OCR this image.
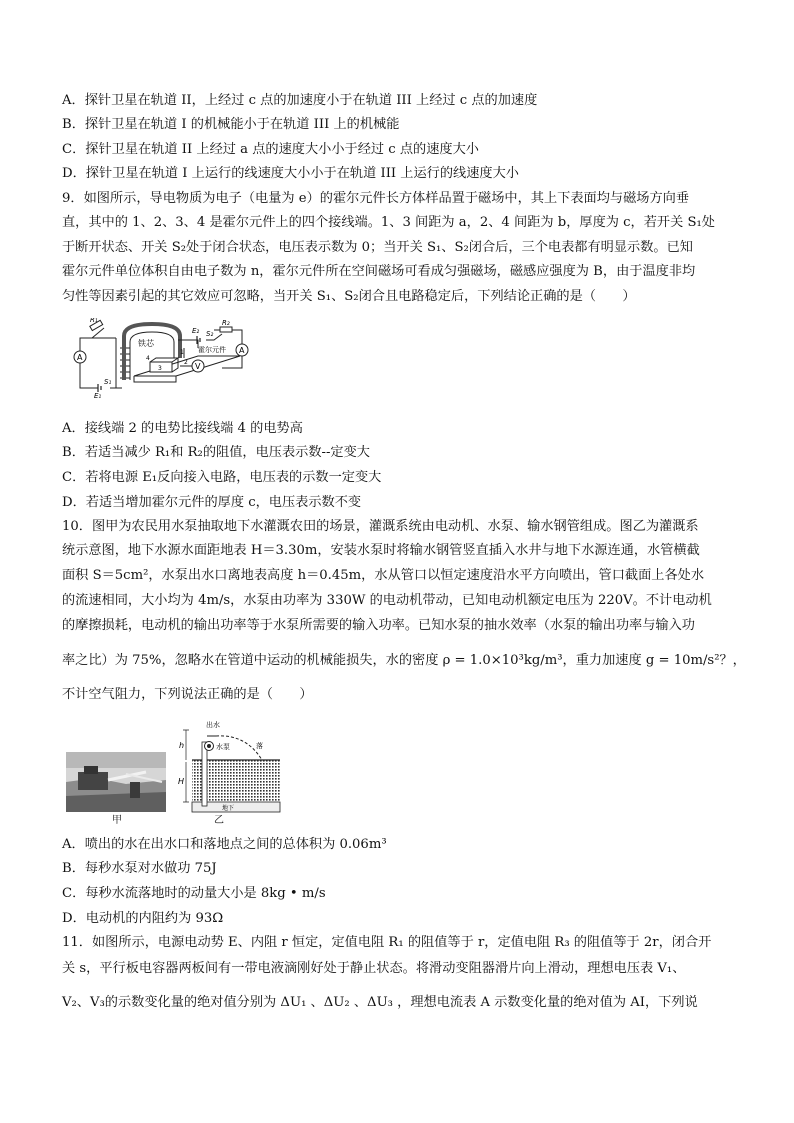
A．探针卫星在轨道 II，上经过 c 点的加速度小于在轨道 III 上经过 c 点的加速度
B．探针卫星在轨道 I 的机械能小于在轨道 III 上的机械能
C．探针卫星在轨道 II 上经过 a 点的速度大小小于经过 c 点的速度大小
D．探针卫星在轨道 I 上运行的线速度大小小于在轨道 III 上运行的线速度大小
9．如图所示，导电物质为电子（电量为 e）的霍尔元件长方体样品置于磁场中，其上下表面均与磁场方向垂
直，其中的 1、2、3、4 是霍尔元件上的四个接线端。1、3 间距为 a，2、4 间距为 b，厚度为 c，若开关 S₁处
于断开状态、开关 S₂处于闭合状态，电压表示数为 0；当开关 S₁、S₂闭合后，三个电表都有明显示数。已知
霍尔元件单位体积自由电子数为 n，霍尔元件所在空间磁场可看成匀强磁场，磁感应强度为 B，由于温度非均
匀性等因素引起的其它效应可忽略，当开关 S₁、S₂闭合且电路稳定后，下列结论正确的是（　　）
A
A
V
铁芯
霍尔元件
R₁	R₂
E₁
E₂
S₁
S₂
1
2
3
4
A．接线端 2 的电势比接线端 4 的电势高
B．若适当减少 R₁和 R₂的阻值，电压表示数--定变大
C．若将电源 E₁反向接入电路，电压表的示数一定变大
D．若适当增加霍尔元件的厚度 c，电压表示数不变
10．图甲为农民用水泵抽取地下水灌溉农田的场景，灌溉系统由电动机、水泵、输水钢管组成。图乙为灌溉系
统示意图，地下水源水面距地表 H＝3.30m，安装水泵时将输水钢管竖直插入水井与地下水源连通，水管横截
面积 S＝5cm²，水泵出水口离地表高度 h＝0.45m，水从管口以恒定速度沿水平方向喷出，管口截面上各处水
的流速相同，大小均为 4m/s，水泵由功率为 330W 的电动机带动，已知电动机额定电压为 220V。不计电动机
的摩擦损耗，电动机的输出功率等于水泵所需要的输入功率。已知水泵的抽水效率（水泵的输出功率与输入功
率之比）为 75%，忽略水在管道中运动的机械能损失，水的密度 ρ = 1.0×10³kg/m³，重力加速度 g = 10m/s²？，
不计空气阻力，下列说法正确的是（　　）
甲
h
H
出水
水泵	落
地下
乙
A．喷出的水在出水口和落地点之间的总体积为 0.06m³
B．每秒水泵对水做功 75J
C．每秒水流落地时的动量大小是 8kg • m/s
D．电动机的内阻约为 93Ω
11．如图所示，电源电动势 E、内阻 r 恒定，定值电阻 R₁ 的阻值等于 r，定值电阻 R₃ 的阻值等于 2r，闭合开
关 s，平行板电容器两板间有一带电液滴刚好处于静止状态。将滑动变阻器滑片向上滑动，理想电压表 V₁、
V₂、V₃的示数变化量的绝对值分别为 ΔU₁ 、ΔU₂ 、ΔU₃ ，理想电流表 A 示数变化量的绝对值为 AI，下列说
